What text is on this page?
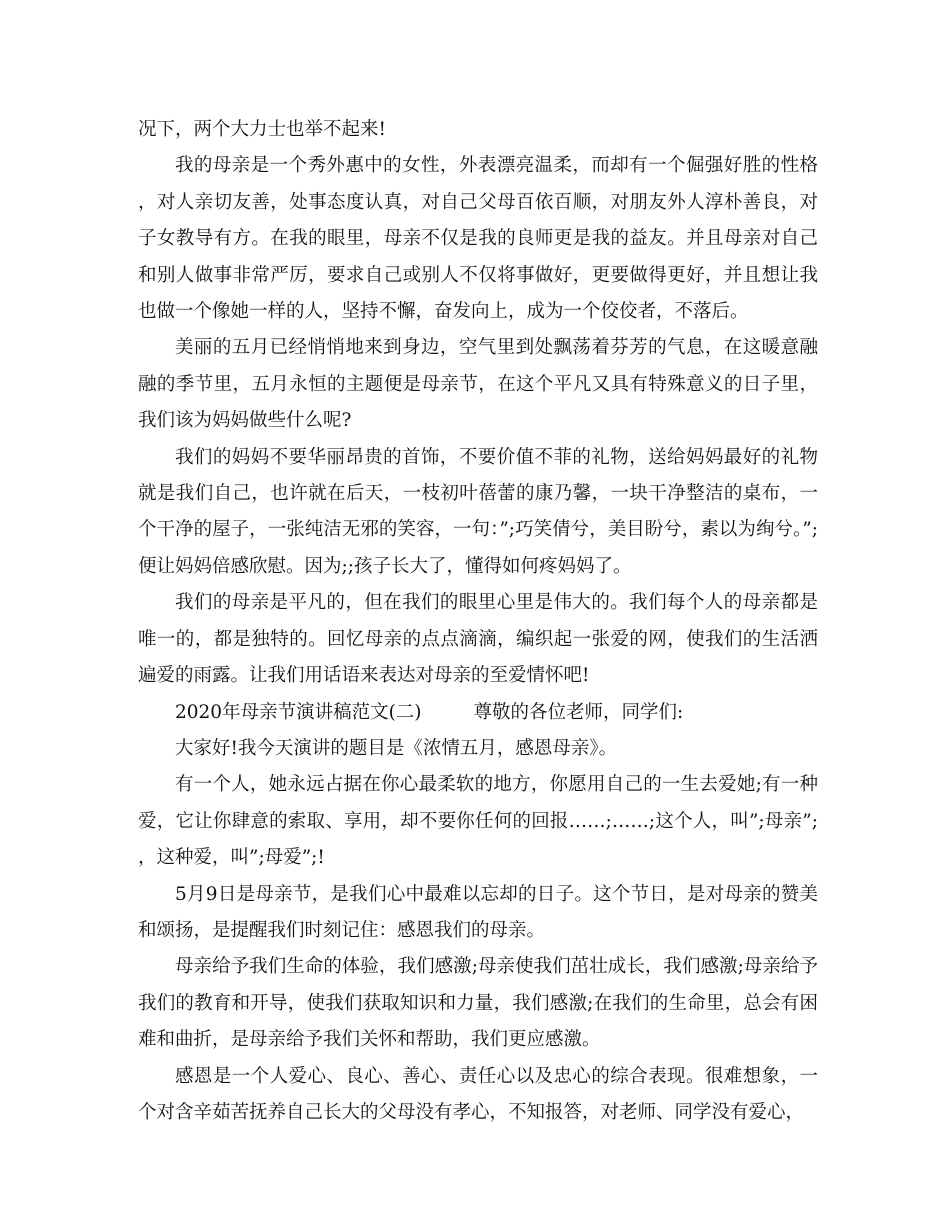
况下，两个大力士也举不起来!

我的母亲是一个秀外惠中的女性，外表漂亮温柔，而却有一个倔强好胜的性格，对人亲切友善，处事态度认真，对自己父母百依百顺，对朋友外人淳朴善良，对子女教导有方。在我的眼里，母亲不仅是我的良师更是我的益友。并且母亲对自己和别人做事非常严厉，要求自己或别人不仅将事做好，更要做得更好，并且想让我也做一个像她一样的人，坚持不懈，奋发向上，成为一个佼佼者，不落后。

美丽的五月已经悄悄地来到身边，空气里到处飘荡着芬芳的气息，在这暖意融融的季节里，五月永恒的主题便是母亲节，在这个平凡又具有特殊意义的日子里，我们该为妈妈做些什么呢?

我们的妈妈不要华丽昂贵的首饰，不要价值不菲的礼物，送给妈妈最好的礼物就是我们自己，也许就在后天，一枝初叶蓓蕾的康乃馨，一块干净整洁的桌布，一个干净的屋子，一张纯洁无邪的笑容，一句：”;巧笑倩兮，美目盼兮，素以为绚兮。”;便让妈妈倍感欣慰。因为;;孩子长大了，懂得如何疼妈妈了。

我们的母亲是平凡的，但在我们的眼里心里是伟大的。我们每个人的母亲都是唯一的，都是独特的。回忆母亲的点点滴滴，编织起一张爱的网，使我们的生活洒遍爱的雨露。让我们用话语来表达对母亲的至爱情怀吧!

2020年母亲节演讲稿范文(二)	尊敬的各位老师，同学们:

大家好!我今天演讲的题目是《浓情五月，感恩母亲》。

有一个人，她永远占据在你心最柔软的地方，你愿用自己的一生去爱她;有一种爱，它让你肆意的索取、享用，却不要你任何的回报……;……;这个人，叫”;母亲”;，这种爱，叫”;母爱”;!

5月9日是母亲节，是我们心中最难以忘却的日子。这个节日，是对母亲的赞美和颂扬，是提醒我们时刻记住：感恩我们的母亲。

母亲给予我们生命的体验，我们感激;母亲使我们茁壮成长，我们感激;母亲给予我们的教育和开导，使我们获取知识和力量，我们感激;在我们的生命里，总会有困难和曲折，是母亲给予我们关怀和帮助，我们更应感激。

感恩是一个人爱心、良心、善心、责任心以及忠心的综合表现。很难想象，一个对含辛茹苦抚养自己长大的父母没有孝心，不知报答，对老师、同学没有爱心，
